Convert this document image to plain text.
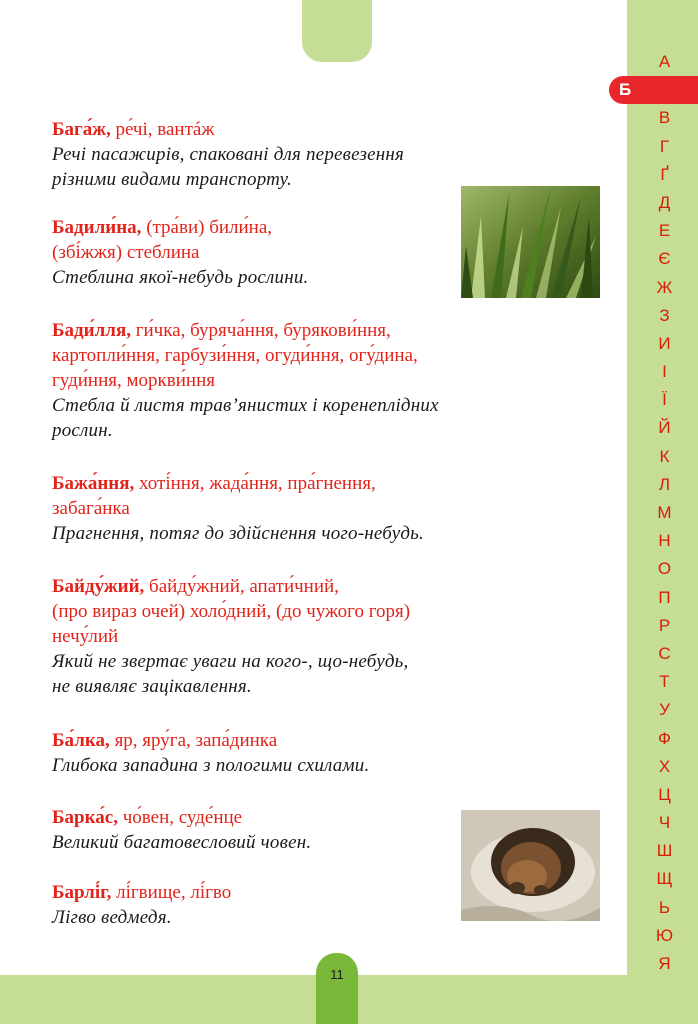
А
Б
В
Г
Ґ
Д
Е
Є
Ж
З
И
І
Ї
Й
К
Л
М
Н
О
П
Р
С
Т
У
Ф
Х
Ц
Ч
Ш
Щ
Ь
Ю
Я
Бага́ж, ре́чі, вантáж
Речі пасажирів, спаковані для перевезення
різними видами транспорту.
Бадили́на, (тра́ви) били́на,
(збі́жжя) стеблина
Стеблина якої-небудь рослини.
Бади́лля, ги́чка, буряча́ння, бурякови́ння,
картопли́ння, гарбузи́ння, огуди́ння, огу́дина,
гуди́ння, моркви́ння
Стебла й листя трав’янистих і коренеплідних
рослин.
Бажа́ння, хоті́ння, жада́ння, пра́гнення,
забага́нка
Прагнення, потяг до здійснення чого-небудь.
Байду́жий, байду́жний, апати́чний,
(про вираз очей) холо́дний, (до чужого горя)
нечу́лий
Який не звертає уваги на кого-, що-небудь,
не виявляє зацікавлення.
Ба́лка, яр, яру́га, запа́динка
Глибока западина з пологими схилами.
Барка́с, чо́вен, суде́нце
Великий багатовесловий човен.
Барлі́г, лі́гвище, лі́гво
Лігво ведмедя.
11
